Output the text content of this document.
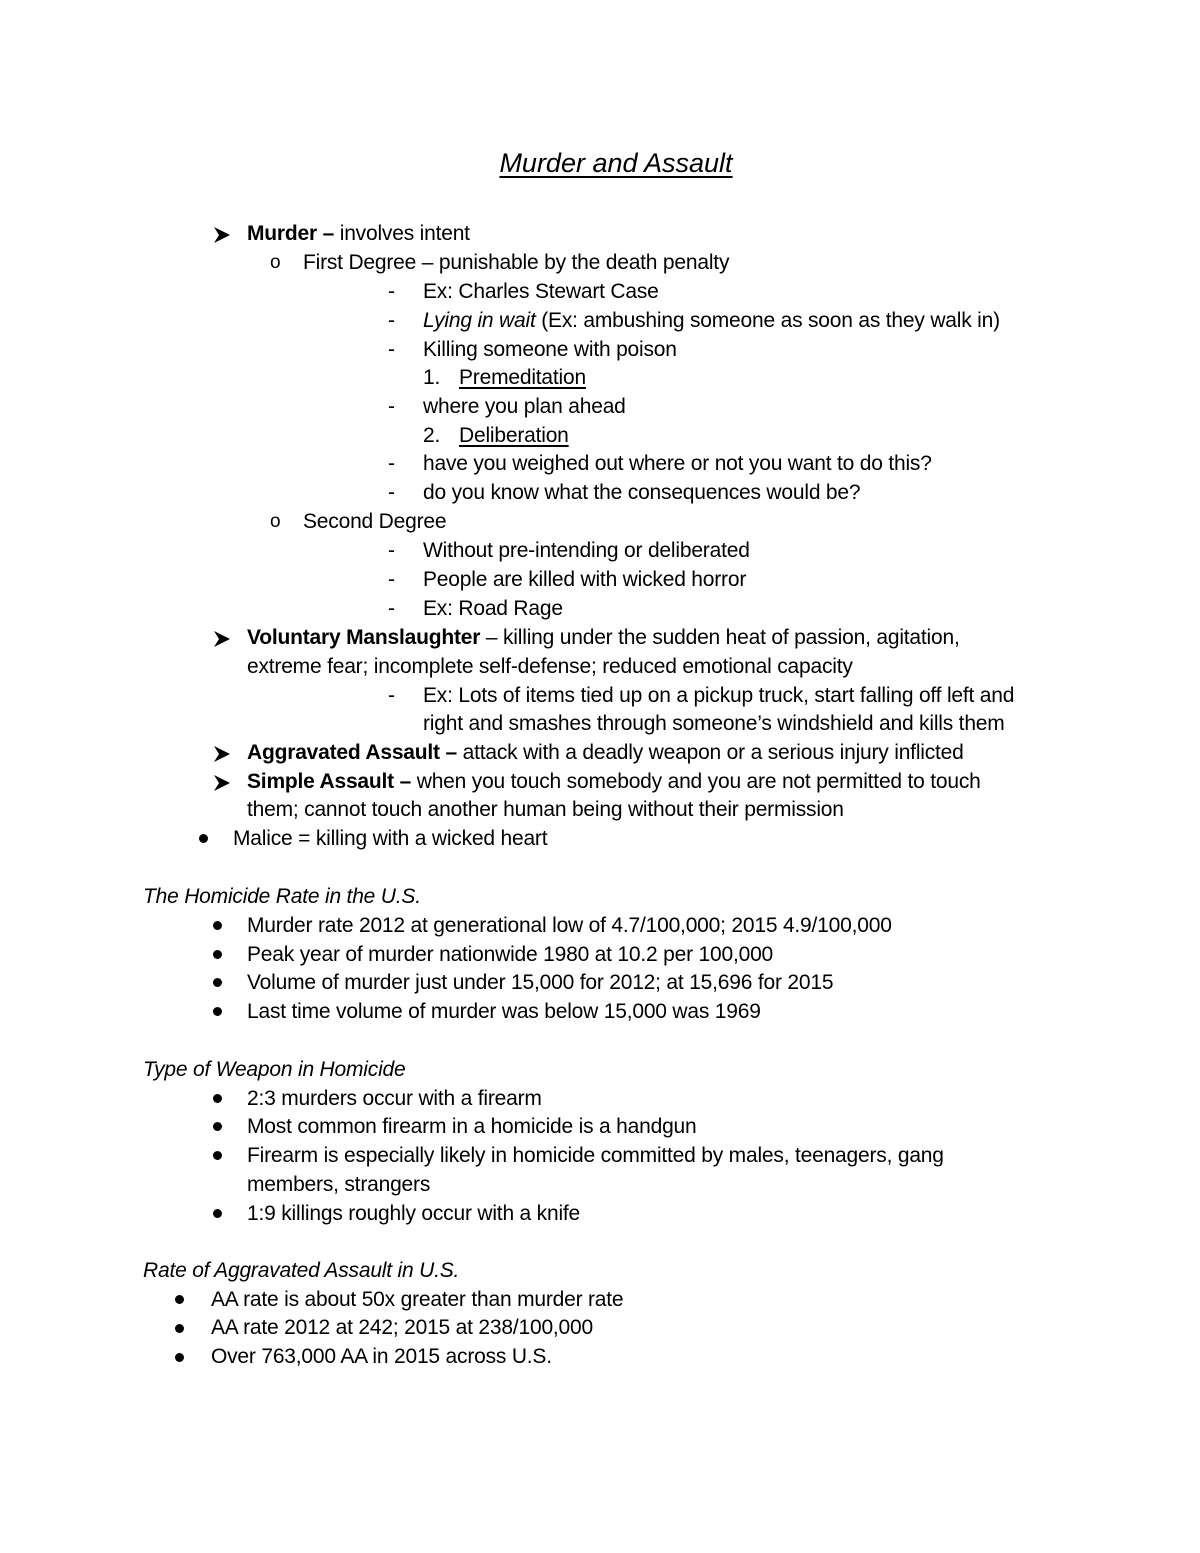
Murder and Assault
Murder – involves intent
o First Degree – punishable by the death penalty
- Ex: Charles Stewart Case
- Lying in wait (Ex: ambushing someone as soon as they walk in)
- Killing someone with poison
1. Premeditation
- where you plan ahead
2. Deliberation
- have you weighed out where or not you want to do this?
- do you know what the consequences would be?
o Second Degree
- Without pre-intending or deliberated
- People are killed with wicked horror
- Ex: Road Rage
Voluntary Manslaughter – killing under the sudden heat of passion, agitation,
extreme fear; incomplete self-defense; reduced emotional capacity
- Ex: Lots of items tied up on a pickup truck, start falling off left and
right and smashes through someone’s windshield and kills them
Aggravated Assault – attack with a deadly weapon or a serious injury inflicted
Simple Assault – when you touch somebody and you are not permitted to touch
them; cannot touch another human being without their permission
Malice = killing with a wicked heart
The Homicide Rate in the U.S.
Murder rate 2012 at generational low of 4.7/100,000; 2015 4.9/100,000
Peak year of murder nationwide 1980 at 10.2 per 100,000
Volume of murder just under 15,000 for 2012; at 15,696 for 2015
Last time volume of murder was below 15,000 was 1969
Type of Weapon in Homicide
2:3 murders occur with a firearm
Most common firearm in a homicide is a handgun
Firearm is especially likely in homicide committed by males, teenagers, gang
members, strangers
1:9 killings roughly occur with a knife
Rate of Aggravated Assault in U.S.
AA rate is about 50x greater than murder rate
AA rate 2012 at 242; 2015 at 238/100,000
Over 763,000 AA in 2015 across U.S.
